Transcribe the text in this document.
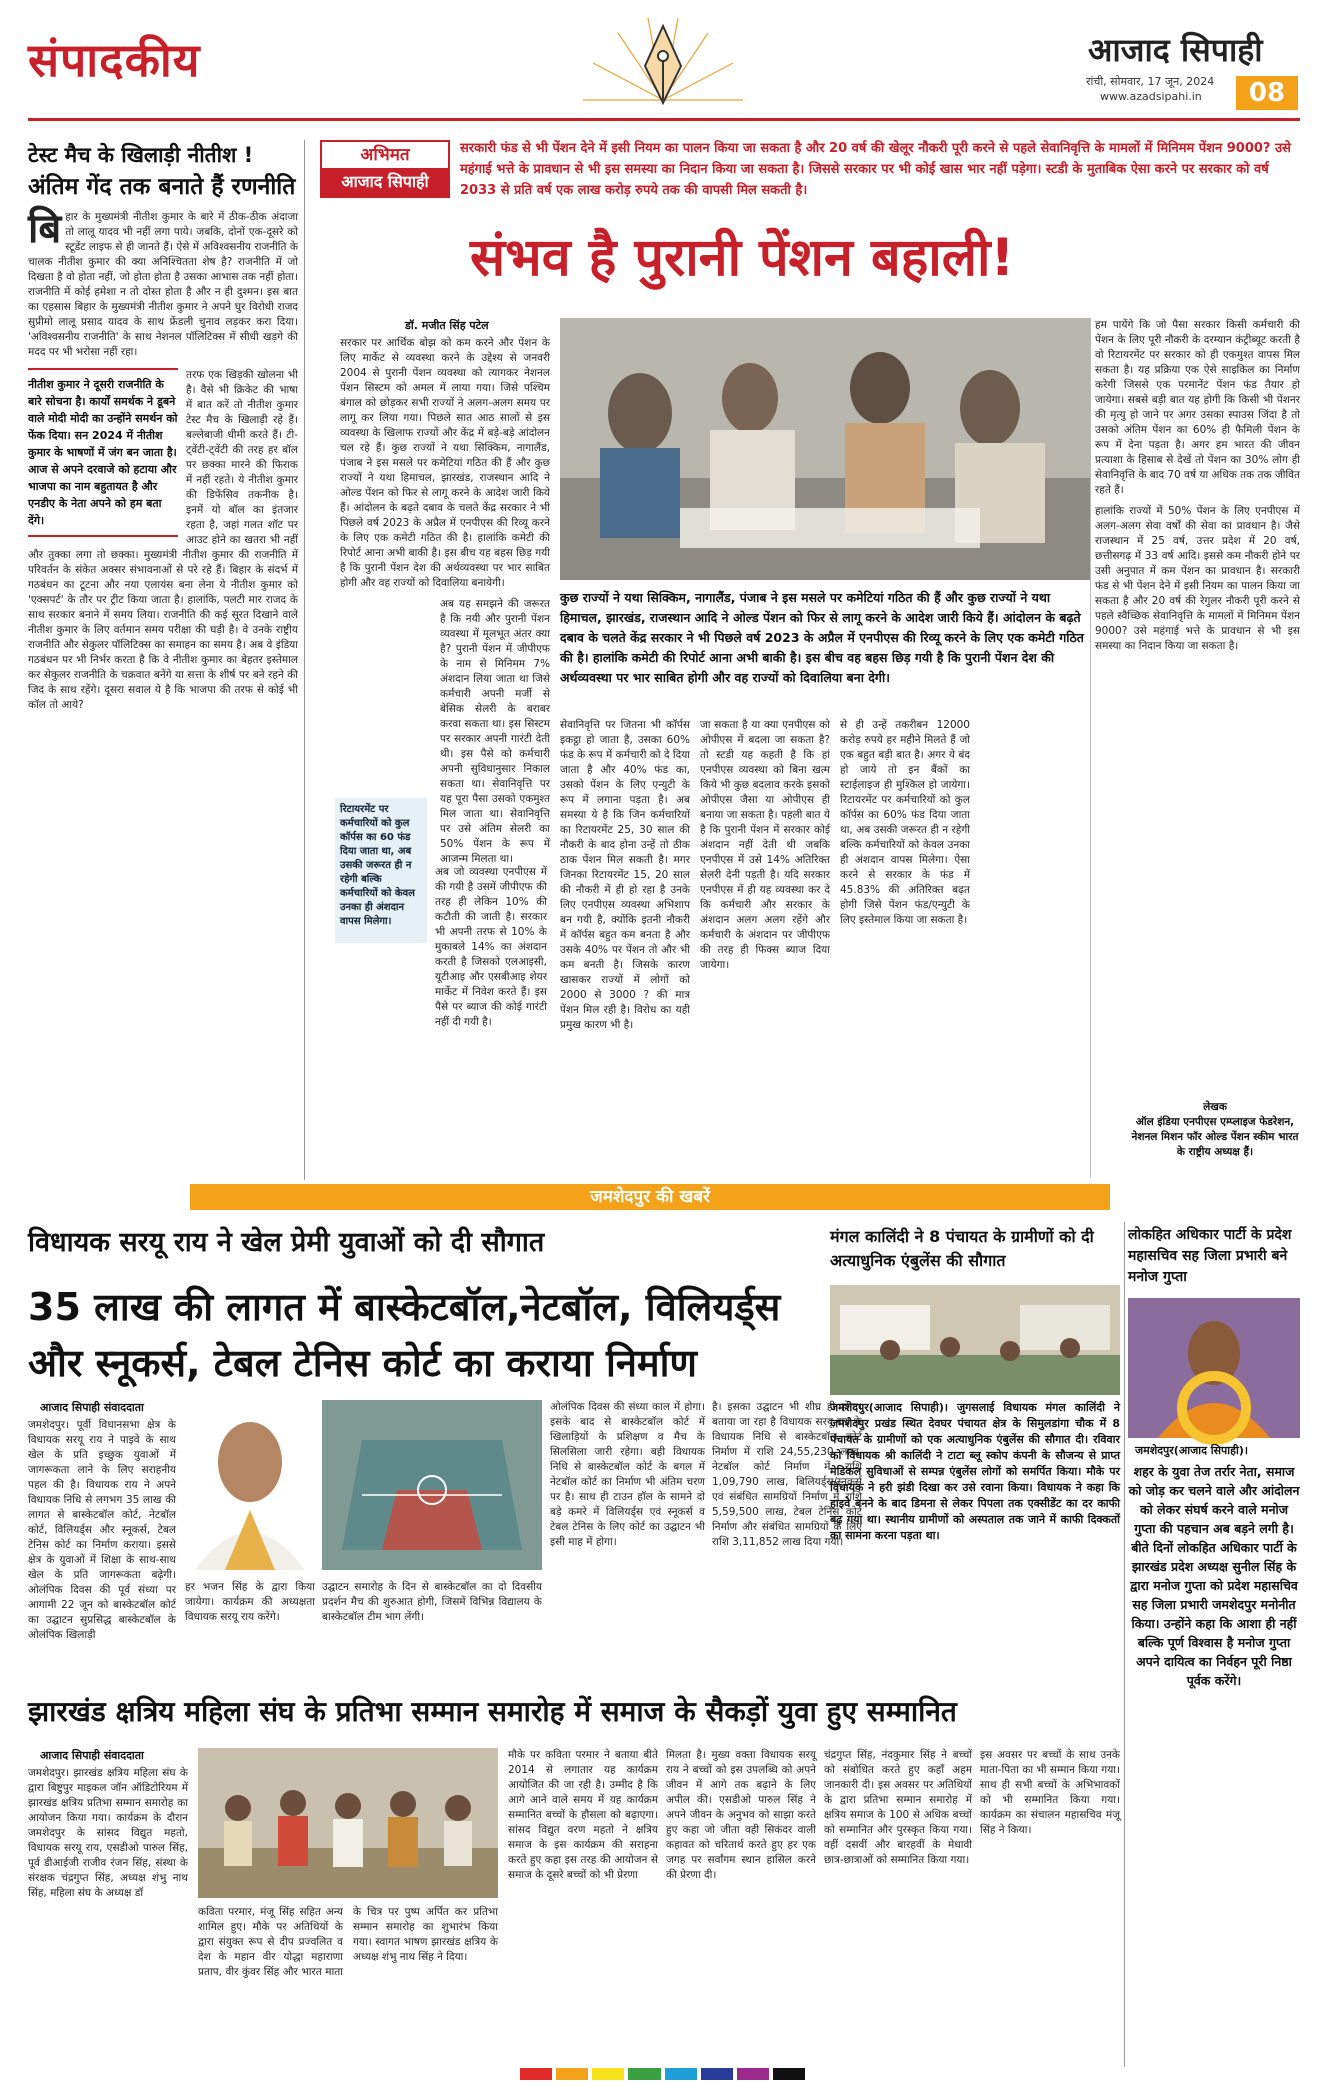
संपादकीय	आजाद सिपाही
रांची, सोमवार, 17 जून, 2024
www.azadsipahi.in	08
टेस्ट मैच के खिलाड़ी नीतीश !
अंतिम गेंद तक बनाते हैं रणनीति

बिहार के मुख्यमंत्री नीतीश कुमार के बारे में ठीक-ठीक अंदाजा तो लालू यादव भी नहीं लगा पाये। जबकि, दोनों एक-दूसरे को स्टूडेंट लाइफ से ही जानते हैं। ऐसे में अविश्वसनीय राजनीति के चालक नीतीश कुमार की क्या अनिश्चितता शेष है? राजनीति में जो दिखता है वो होता नहीं, जो होता होता है उसका आभास तक नहीं होता। राजनीति में कोई हमेशा न तो दोस्त होता है और न ही दुश्मन। इस बात का एहसास बिहार के मुख्यमंत्री नीतीश कुमार ने अपने घुर विरोधी राजद सुप्रीमो लालू प्रसाद यादव के साथ फ्रेंडली चुनाव लड़कर करा दिया। 'अविश्वसनीय राजनीति' के साथ नेशनल पॉलिटिक्स में सीधी खड़गे की मदद पर भी भरोसा नहीं रहा।

नीतीश कुमार ने दूसरी राजनीति के बारे सोचना है। कार्यों समर्थक ने डूबने वाले मोदी मोदी का उन्होंने समर्थन को फेंक दिया। सन 2024 में नीतीश कुमार के भाषणों में जंग बन जाता है। आज से अपने दरवाजे को हटाया और भाजपा का नाम बहुतायत है और एनडीए के नेता अपने को हम बता देंगे।

तरफ एक खिड़की खोलना भी है। वैसे भी क्रिकेट की भाषा में बात करें तो नीतीश कुमार टेस्ट मैच के खिलाड़ी रहे हैं। बल्लेबाजी धीमी करते हैं। टी-ट्वेंटी-ट्वेंटी की तरह हर बॉल पर छक्का मारने की फिराक में नहीं रहते। ये नीतीश कुमार की डिफेंसिव तकनीक है। इनमें यो बॉल का इंतजार रहता है, जहां गलत शॉट पर आउट होने का खतरा भी नहीं और तुक्का लगा तो छक्का। मुख्यमंत्री नीतीश कुमार की राजनीति में परिवर्तन के संकेत अक्सर संभावनाओं से परे रहे हैं। बिहार के संदर्भ में गठबंधन का टूटना और नया एलायंस बना लेना ये नीतीश कुमार को 'एक्सपर्ट' के तौर पर ट्रीट किया जाता है। हालांकि, पलटी मार राजद के साथ सरकार बनाने में समय लिया। राजनीति की कई सूरत दिखाने वाले नीतीश कुमार के लिए वर्तमान समय परीक्षा की घड़ी है। वे उनके राष्ट्रीय राजनीति और सेकुलर पॉलिटिक्स का समाहन का समय है। अब वे इंडिया गठबंधन पर भी निर्भर करता है कि वे नीतीश कुमार का बेहतर इस्तेमाल कर सेकुलर राजनीति के चक्रवात बनेंगे या सत्ता के शीर्ष पर बने रहने की जिद के साथ रहेंगे। दूसरा सवाल ये है कि भाजपा की तरफ से कोई भी कॉल तो आये?

अभिमत
आजाद सिपाही
सरकारी फंड से भी पेंशन देने में इसी नियम का पालन किया जा सकता है और 20 वर्ष की खेलूर नौकरी पूरी करने से पहले सेवानिवृत्ति के मामलों में मिनिमम पेंशन 9000? उसे महंगाई भत्ते के प्रावधान से भी इस समस्या का निदान किया जा सकता है। जिससे सरकार पर भी कोई खास भार नहीं पड़ेगा। स्टडी के मुताबिक ऐसा करने पर सरकार को वर्ष 2033 से प्रति वर्ष एक लाख करोड़ रुपये तक की वापसी मिल सकती है।
संभव है पुरानी पेंशन बहाली!
डॉ. मजीत सिंह पटेल

सरकार पर आर्थिक बोझ को कम करने और पेंशन के लिए मार्केट से व्यवस्था करने के उद्देश्य से जनवरी 2004 से पुरानी पेंशन व्यवस्था को त्यागकर नेशनल पेंशन सिस्टम को अमल में लाया गया। जिसे पश्चिम बंगाल को छोड़कर सभी राज्यों ने अलग-अलग समय पर लागू कर लिया गया। पिछले सात आठ सालों से इस व्यवस्था के खिलाफ राज्यों और केंद्र में बड़े-बड़े आंदोलन चल रहे हैं। कुछ राज्यों ने यथा सिक्किम, नागालैंड, पंजाब ने इस मसले पर कमेटियां गठित की हैं और कुछ राज्यों ने यथा हिमाचल, झारखंड, राजस्थान आदि ने ओल्ड पेंशन को फिर से लागू करने के आदेश जारी किये हैं। आंदोलन के बढ़ते दबाव के चलते केंद्र सरकार ने भी पिछले वर्ष 2023 के अप्रैल में एनपीएस की रिव्यू करने के लिए एक कमेटी गठित की है। हालांकि कमेटी की रिपोर्ट आना अभी बाकी है। इस बीच यह बहस छिड़ गयी है कि पुरानी पेंशन देश की अर्थव्यवस्था पर भार साबित होगी और वह राज्यों को दिवालिया बनायेगी।

अब यह समझने की जरूरत है कि नयी और पुरानी पेंशन व्यवस्था में मूलभूत अंतर क्या है? पुरानी पेंशन में जीपीएफ के नाम से मिनिमम 7% अंशदान लिया जाता था जिसे कर्मचारी अपनी मर्जी से बेसिक सेलरी के बराबर करवा सकता था। इस सिस्टम पर सरकार अपनी गारंटी देती थी। इस पैसे को कर्मचारी अपनी सुविधानुसार निकाल सकता था। सेवानिवृत्ति पर यह पूरा पैसा उसको एकमुश्त मिल जाता था। सेवानिवृत्ति पर उसे अंतिम सेलरी का 50% पेंशन के रूप में आजन्म मिलता था।

रिटायरमेंट पर कर्मचारियों को कुल कॉर्पस का 60 फंड दिया जाता था, अब उसकी जरूरत ही न रहेगी बल्कि कर्मचारियों को केवल उनका ही अंशदान वापस मिलेगा।

अब जो व्यवस्था एनपीएस में की गयी है उसमें जीपीएफ की तरह ही लेकिन 10% की कटौती की जाती है। सरकार भी अपनी तरफ से 10% के मुकाबले 14% का अंशदान करती है जिसको एलआइसी, यूटीआइ और एसबीआइ शेयर मार्केट में निवेश करते हैं। इस पैसे पर ब्याज की कोई गारंटी नहीं दी गयी है।

कुछ राज्यों ने यथा सिक्किम, नागालैंड, पंजाब ने इस मसले पर कमेटियां गठित की हैं और कुछ राज्यों ने यथा हिमाचल, झारखंड, राजस्थान आदि ने ओल्ड पेंशन को फिर से लागू करने के आदेश जारी किये हैं। आंदोलन के बढ़ते दबाव के चलते केंद्र सरकार ने भी पिछले वर्ष 2023 के अप्रैल में एनपीएस की रिव्यू करने के लिए एक कमेटी गठित की है। हालांकि कमेटी की रिपोर्ट आना अभी बाकी है। इस बीच वह बहस छिड़ गयी है कि पुरानी पेंशन देश की अर्थव्यवस्था पर भार साबित होगी और वह राज्यों को दिवालिया बना देगी।

सेवानिवृत्ति पर जितना भी कॉर्पस इकट्ठा हो जाता है, उसका 60% फंड के रूप में कर्मचारी को दे दिया जाता है और 40% फंड का, उसको पेंशन के लिए एन्युटी के रूप में लगाना पड़ता है। अब समस्या ये है कि जिन कर्मचारियों का रिटायरमेंट 25, 30 साल की नौकरी के बाद होना उन्हें तो ठीक ठाक पेंशन मिल सकती है। मगर जिनका रिटायरमेंट 15, 20 साल की नौकरी में ही हो रहा है उनके लिए एनपीएस व्यवस्था अभिशाप बन गयी है, क्योंकि इतनी नौकरी में कॉर्पस बहुत कम बनता है और उसके 40% पर पेंशन तो और भी कम बनती है। जिसके कारण खासकर राज्यों में लोगों को 2000 से 3000 ? की मात्र पेंशन मिल रही है। विरोध का यही प्रमुख कारण भी है।

जा सकता है या क्या एनपीएस को ओपीएस में बदला जा सकता है? तो स्टडी यह कहती है कि हां एनपीएस व्यवस्था को बिना खत्म किये भी कुछ बदलाव करके इसको ओपीएस जैसा या ओपीएस ही बनाया जा सकता है। पहली बात ये है कि पुरानी पेंशन में सरकार कोई अंशदान नहीं देती थी जबकि एनपीएस में उसे 14% अतिरिक्त सेलरी देनी पड़ती है। यदि सरकार एनपीएस में ही यह व्यवस्था कर दे कि कर्मचारी और सरकार के अंशदान अलग अलग रहेंगे और कर्मचारी के अंशदान पर जीपीएफ की तरह ही फिक्स ब्याज दिया जायेगा।

से ही उन्हें तकरीबन 12000 करोड़ रुपये हर महीने मिलते हैं जो एक बहुत बड़ी बात है। अगर ये बंद हो जाये तो इन बैंकों का स्टाईलाइज ही मुश्किल हो जायेगा। रिटायरमेंट पर कर्मचारियों को कुल कॉर्पस का 60% फंड दिया जाता था, अब उसकी जरूरत ही न रहेगी बल्कि कर्मचारियों को केवल उनका ही अंशदान वापस मिलेगा। ऐसा करने से सरकार के फंड में 45.83% की अतिरिक्त बढ़त होगी जिसे पेंशन फंड/एन्युटी के लिए इस्तेमाल किया जा सकता है।

हम पायेंगे कि जो पैसा सरकार किसी कर्मचारी की पेंशन के लिए पूरी नौकरी के दरम्यान कंट्रीब्यूट करती है वो रिटायरमेंट पर सरकार को ही एकमुश्त वापस मिल सकता है। यह प्रक्रिया एक ऐसे साइकिल का निर्माण करेगी जिससे एक परमानेंट पेंशन फंड तैयार हो जायेगा। सबसे बड़ी बात यह होगी कि किसी भी पेंशनर की मृत्यु हो जाने पर अगर उसका स्पाउस जिंदा है तो उसको अंतिम पेंशन का 60% ही फैमिली पेंशन के रूप में देना पड़ता है। अगर हम भारत की जीवन प्रत्याशा के हिसाब से देखें तो पेंशन का 30% लोग ही सेवानिवृत्ति के बाद 70 वर्ष या अधिक तक तक जीवित रहते हैं।

हालांकि राज्यों में 50% पेंशन के लिए एनपीएस में अलग-अलग सेवा वर्षों की सेवा का प्रावधान है। जैसे राजस्थान में 25 वर्ष, उत्तर प्रदेश में 20 वर्ष, छत्तीसगढ़ में 33 वर्ष आदि। इससे कम नौकरी होने पर उसी अनुपात में कम पेंशन का प्रावधान है। सरकारी फंड से भी पेंशन देने में इसी नियम का पालन किया जा सकता है और 20 वर्ष की रेगुलर नौकरी पूरी करने से पहले स्वैच्छिक सेवानिवृत्ति के मामलों में मिनिमम पेंशन 9000? उसे महंगाई भत्ते के प्रावधान से भी इस समस्या का निदान किया जा सकता है।

लेखक
ऑल इंडिया एनपीएस एम्प्लाइज फेडरेशन, नेशनल मिशन फॉर ओल्ड पेंशन स्कीम भारत के राष्ट्रीय अध्यक्ष हैं।
जमशेदपुर की खबरें
विधायक सरयू राय ने खेल प्रेमी युवाओं को दी सौगात
35 लाख की लागत में बास्केटबॉल,नेटबॉल, विलियर्ड्स
और स्नूकर्स, टेबल टेनिस कोर्ट का कराया निर्माण
आजाद सिपाही संवाददाता

जमशेदपुर। पूर्वी विधानसभा क्षेत्र के विधायक सरयू राय ने पाइवे के साथ खेल के प्रति इच्छुक युवाओं में जागरूकता लाने के लिए सराहनीय पहल की है। विधायक राय ने अपने विधायक निधि से लगभग 35 लाख की लागत से बास्केटबॉल कोर्ट, नेटबॉल कोर्ट, विलियर्ड्स और स्नूकर्स, टेबल टेनिस कोर्ट का निर्माण कराया। इससे क्षेत्र के युवाओं में शिक्षा के साथ-साथ खेल के प्रति जागरूकता बढ़ेगी। ओलंपिक दिवस की पूर्व संध्या पर आगामी 22 जून को बास्केटबॉल कोर्ट का उद्घाटन सुप्रसिद्ध बास्केटबॉल के ओलंपिक खिलाड़ी

हर भजन सिंह के द्वारा किया जायेगा। कार्यक्रम की अध्यक्षता विधायक सरयू राय करेंगे।

उद्घाटन समारोह के दिन से बास्केटबॉल का दो दिवसीय प्रदर्शन मैच की शुरुआत होगी, जिसमें विभिन्न विद्यालय के बास्केटबॉल टीम भाग लेंगी।

ओलंपिक दिवस की संध्या काल में होगा। इसके बाद से बास्केटबॉल कोर्ट में खिलाड़ियों के प्रशिक्षण व मैच के सिलसिला जारी रहेगा। बही विधायक निधि से बास्केटबॉल कोर्ट के बगल में नेटबॉल कोर्ट का निर्माण भी अंतिम चरण पर है। साथ ही टाउन हॉल के सामने दो बड़े कमरे में विलियर्ड्स एवं स्नूकर्स व टेबल टेनिस के लिए कोर्ट का उद्घाटन भी इसी माह में होगा।

है। इसका उद्घाटन भी शीघ्र ही होगा। बताया जा रहा है विधायक सरयू राय के विधायक निधि से बास्केटबॉल कोर्ट निर्माण में राशि 24,55,230 लाख, नेटबॉल कोर्ट निर्माण में राशि 1,09,790 लाख, बिलियर्ड्स/स्नूकर्स एवं संबंधित सामग्रियों निर्माण में राशि 5,59,500 लाख, टेबल टेनिस कोर्ट निर्माण और संबंधित सामग्रियों के लिए राशि 3,11,852 लाख दिया गया।

मंगल कालिंदी ने 8 पंचायत के ग्रामीणों को दी अत्याधुनिक एंबुलेंस की सौगात

जमशेदपुर(आजाद सिपाही)। जुगसलाई विधायक मंगल कालिंदी ने जमशेदपुर प्रखंड स्थित देवघर पंचायत क्षेत्र के सिमुलडांगा चौक में 8 पंचायत के ग्रामीणों को एक अत्याधुनिक एंबुलेंस की सौगात दी। रविवार को विधायक श्री कालिंदी ने टाटा ब्लू स्कोप कंपनी के सौजन्य से प्राप्त मेडिकल सुविधाओं से सम्पन्न एंबुलेंस लोगों को समर्पित किया। मौके पर विधायक ने हरी झंडी दिखा कर उसे रवाना किया। विधायक ने कहा कि हाइवे बनने के बाद डिमना से लेकर पिपला तक एक्सीडेंट का दर काफी बढ़ गया था। स्थानीय ग्रामीणों को अस्पताल तक जाने में काफी दिक्कतों का सामना करना पड़ता था।

लोकहित अधिकार पार्टी के प्रदेश महासचिव सह जिला प्रभारी बने मनोज गुप्ता
जमशेदपुर(आजाद सिपाही)।

शहर के युवा तेज तर्रार नेता, समाज को जोड़ कर चलने वाले और आंदोलन को लेकर संघर्ष करने वाले मनोज गुप्ता की पहचान अब बड़ने लगी है। बीते दिनों लोकहित अधिकार पार्टी के झारखंड प्रदेश अध्यक्ष सुनील सिंह के द्वारा मनोज गुप्ता को प्रदेश महासचिव सह जिला प्रभारी जमशेदपुर मनोनीत किया। उन्होंने कहा कि आशा ही नहीं बल्कि पूर्ण विश्वास है मनोज गुप्ता अपने दायित्व का निर्वहन पूरी निष्ठा पूर्वक करेंगे।

झारखंड क्षत्रिय महिला संघ के प्रतिभा सम्मान समारोह में समाज के सैकड़ों युवा हुए सम्मानित
आजाद सिपाही संवाददाता

जमशेदपुर। झारखंड क्षत्रिय महिला संघ के द्वारा बिष्टुपुर माइकल जॉन ऑडिटोरियम में झारखंड क्षत्रिय प्रतिभा सम्मान समारोह का आयोजन किया गया। कार्यक्रम के दौरान जमशेदपुर के सांसद विद्युत महतो, विधायक सरयू राय, एसडीओ पारुल सिंह, पूर्व डीआईजी राजीव रंजन सिंह, संस्था के संरक्षक चंद्रगुप्त सिंह, अध्यक्ष शंभु नाथ सिंह, महिला संघ के अध्यक्ष डॉ

कविता परमार, मंजू सिंह सहित अन्य शामिल हुए। मौके पर अतिथियों के द्वारा संयुक्त रूप से दीप प्रज्वलित व देश के महान वीर योद्धा महाराणा प्रताप, वीर कुंवर सिंह और भारत माता के चित्र पर पुष्प अर्पित कर प्रतिभा सम्मान समारोह का शुभारंभ किया गया। स्वागत भाषण झारखंड क्षत्रिय के अध्यक्ष शंभु नाथ सिंह ने दिया।

मौके पर कविता परमार ने बताया बीते 2014 से लगातार यह कार्यक्रम आयोजित की जा रही है। उम्मीद है कि आगे आने वाले समय में यह कार्यक्रम सम्मानित बच्चों के हौसला को बढ़ाएगा। सांसद विद्युत वरण महतो ने क्षत्रिय समाज के इस कार्यक्रम की सराहना करते हुए कहा इस तरह की आयोजन से समाज के दूसरे बच्चों को भी प्रेरणा

मिलता है। मुख्य वक्ता विधायक सरयू राय ने बच्चों को इस उपलब्धि को अपने जीवन में आगे तक बढ़ाने के लिए अपील की। एसडीओ पारुल सिंह ने अपने जीवन के अनुभव को साझा करते हुए कहा जो जीता वही सिकंदर वाली कहावत को चरितार्थ करते हुए हर एक जगह पर सर्वांगम स्थान हासिल करने की प्रेरणा दी।

चंद्रगुप्त सिंह, नंदकुमार सिंह ने बच्चों को संबोधित करते हुए कहाँ अहम जानकारी दी। इस अवसर पर अतिथियों के द्वारा प्रतिभा सम्मान समारोह में क्षत्रिय समाज के 100 से अधिक बच्चों को सम्मानित और पुरस्कृत किया गया। वहीं दसवीं और बारहवीं के मेधावी छात्र-छात्राओं को सम्मानित किया गया।

इस अवसर पर बच्चों के साथ उनके माता-पिता का भी सम्मान किया गया। साथ ही सभी बच्चों के अभिभावकों को भी सम्मानित किया गया। कार्यक्रम का संचालन महासचिव मंजू सिंह ने किया।
